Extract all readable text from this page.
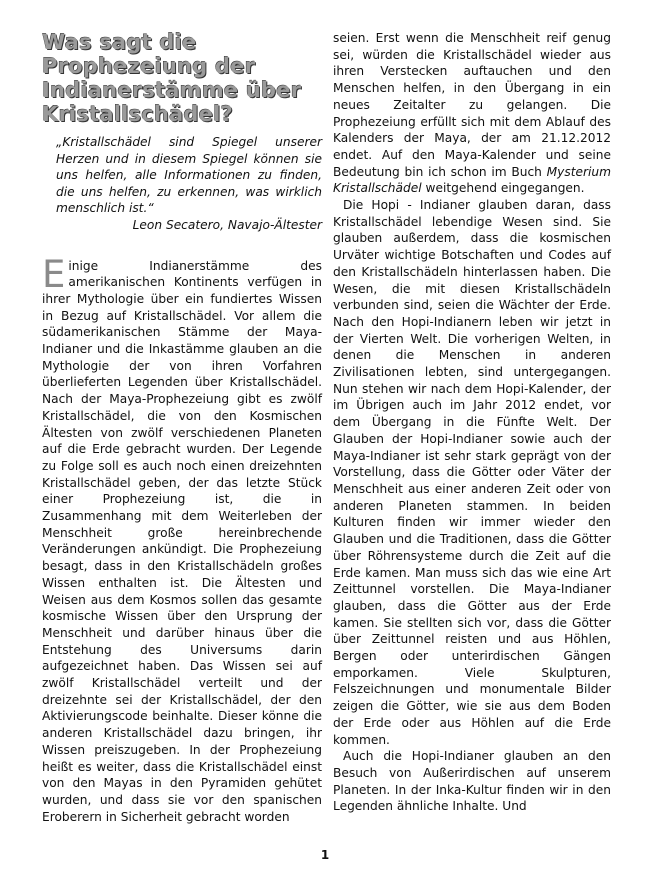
Was sagt die Prophezeiung der Indianerstämme über Kristallschädel?

„Kristallschädel sind Spiegel unserer Herzen und in diesem Spiegel können sie uns helfen, alle Informationen zu finden, die uns helfen, zu erkennen, was wirklich menschlich ist.“

Leon Secatero, Navajo-Ältester

Einige Indianerstämme des amerikanischen Kontinents verfügen in ihrer Mythologie über ein fundiertes Wissen in Bezug auf Kristallschädel. Vor allem die südamerikanischen Stämme der Maya-Indianer und die Inkastämme glauben an die Mythologie der von ihren Vorfahren überlieferten Legenden über Kristallschädel. Nach der Maya-Prophezeiung gibt es zwölf Kristallschädel, die von den Kosmischen Ältesten von zwölf verschiedenen Planeten auf die Erde gebracht wurden. Der Legende zu Folge soll es auch noch einen dreizehnten Kristallschädel geben, der das letzte Stück einer Prophezeiung ist, die in Zusammenhang mit dem Weiterleben der Menschheit große hereinbrechende Veränderungen ankündigt. Die Prophezeiung besagt, dass in den Kristallschädeln großes Wissen enthalten ist. Die Ältesten und Weisen aus dem Kosmos sollen das gesamte kosmische Wissen über den Ursprung der Menschheit und darüber hinaus über die Entstehung des Universums darin aufgezeichnet haben. Das Wissen sei auf zwölf Kristallschädel verteilt und der dreizehnte sei der Kristallschädel, der den Aktivierungscode beinhalte. Dieser könne die anderen Kristallschädel dazu bringen, ihr Wissen preiszugeben. In der Prophezeiung heißt es weiter, dass die Kristallschädel einst von den Mayas in den Pyramiden gehütet wurden, und dass sie vor den spanischen Eroberern in Sicherheit gebracht worden

seien. Erst wenn die Menschheit reif genug sei, würden die Kristallschädel wieder aus ihren Verstecken auftauchen und den Menschen helfen, in den Übergang in ein neues Zeitalter zu gelangen. Die Prophezeiung erfüllt sich mit dem Ablauf des Kalenders der Maya, der am 21.12.2012 endet. Auf den Maya-Kalender und seine Bedeutung bin ich schon im Buch Mysterium Kristallschädel weitgehend eingegangen.

Die Hopi - Indianer glauben daran, dass Kristallschädel lebendige Wesen sind. Sie glauben außerdem, dass die kosmischen Urväter wichtige Botschaften und Codes auf den Kristallschädeln hinterlassen haben. Die Wesen, die mit diesen Kristallschädeln verbunden sind, seien die Wächter der Erde. Nach den Hopi-Indianern leben wir jetzt in der Vierten Welt. Die vorherigen Welten, in denen die Menschen in anderen Zivilisationen lebten, sind untergegangen. Nun stehen wir nach dem Hopi-Kalender, der im Übrigen auch im Jahr 2012 endet, vor dem Übergang in die Fünfte Welt. Der Glauben der Hopi-Indianer sowie auch der Maya-Indianer ist sehr stark geprägt von der Vorstellung, dass die Götter oder Väter der Menschheit aus einer anderen Zeit oder von anderen Planeten stammen. In beiden Kulturen finden wir immer wieder den Glauben und die Traditionen, dass die Götter über Röhrensysteme durch die Zeit auf die Erde kamen. Man muss sich das wie eine Art Zeittunnel vorstellen. Die Maya-Indianer glauben, dass die Götter aus der Erde kamen. Sie stellten sich vor, dass die Götter über Zeittunnel reisten und aus Höhlen, Bergen oder unterirdischen Gängen emporkamen. Viele Skulpturen, Felszeichnungen und monumentale Bilder zeigen die Götter, wie sie aus dem Boden der Erde oder aus Höhlen auf die Erde kommen.

Auch die Hopi-Indianer glauben an den Besuch von Außerirdischen auf unserem Planeten. In der Inka-Kultur finden wir in den Legenden ähnliche Inhalte. Und

1
